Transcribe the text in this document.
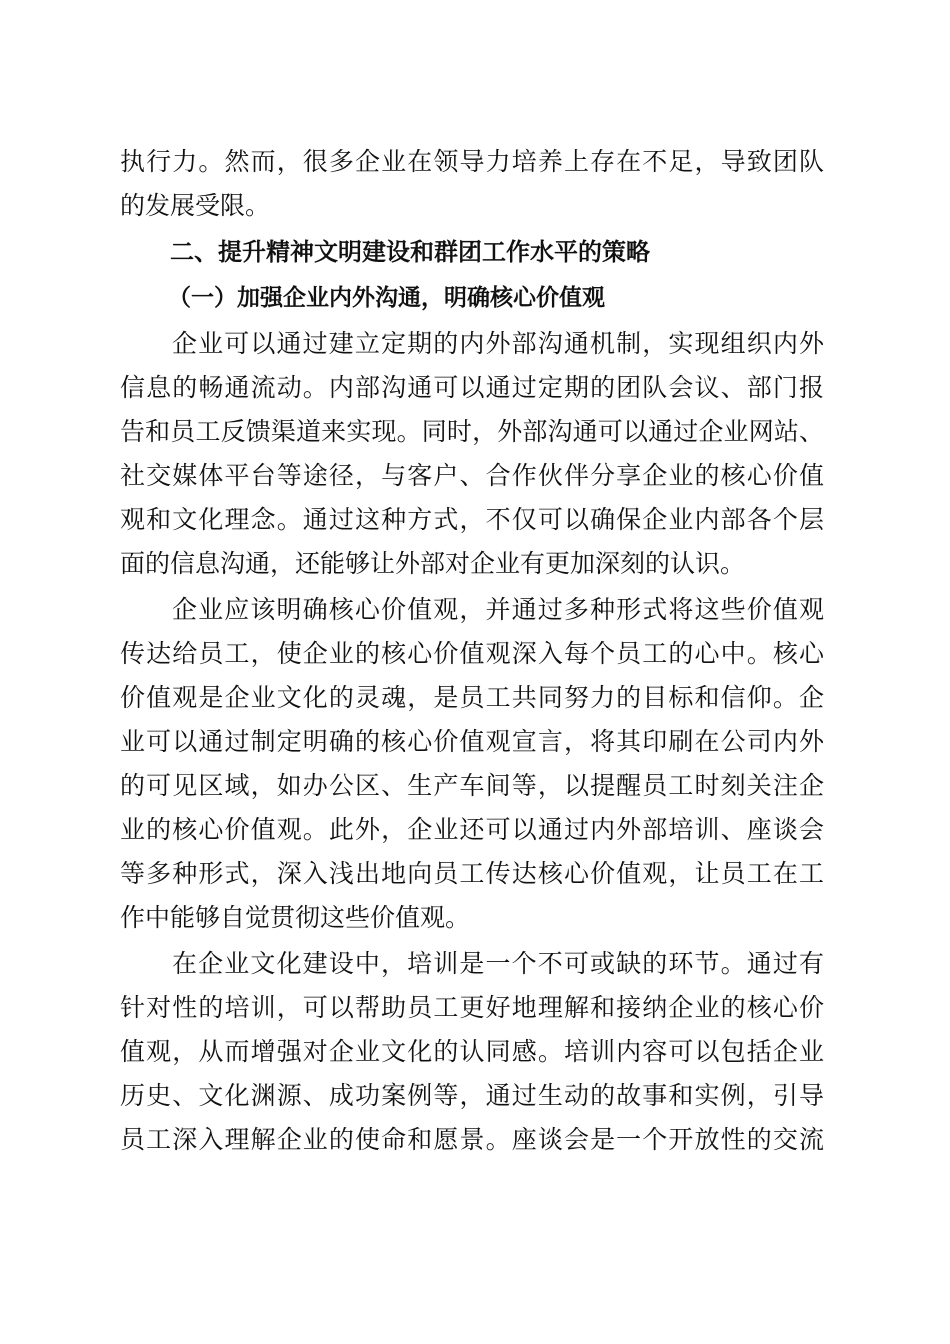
执行力。然而，很多企业在领导力培养上存在不足，导致团队
的发展受限。
二、提升精神文明建设和群团工作水平的策略
（一）加强企业内外沟通，明确核心价值观
企业可以通过建立定期的内外部沟通机制，实现组织内外
信息的畅通流动。内部沟通可以通过定期的团队会议、部门报
告和员工反馈渠道来实现。同时，外部沟通可以通过企业网站、
社交媒体平台等途径，与客户、合作伙伴分享企业的核心价值
观和文化理念。通过这种方式，不仅可以确保企业内部各个层
面的信息沟通，还能够让外部对企业有更加深刻的认识。
企业应该明确核心价值观，并通过多种形式将这些价值观
传达给员工，使企业的核心价值观深入每个员工的心中。核心
价值观是企业文化的灵魂，是员工共同努力的目标和信仰。企
业可以通过制定明确的核心价值观宣言，将其印刷在公司内外
的可见区域，如办公区、生产车间等，以提醒员工时刻关注企
业的核心价值观。此外，企业还可以通过内外部培训、座谈会
等多种形式，深入浅出地向员工传达核心价值观，让员工在工
作中能够自觉贯彻这些价值观。
在企业文化建设中，培训是一个不可或缺的环节。通过有
针对性的培训，可以帮助员工更好地理解和接纳企业的核心价
值观，从而增强对企业文化的认同感。培训内容可以包括企业
历史、文化渊源、成功案例等，通过生动的故事和实例，引导
员工深入理解企业的使命和愿景。座谈会是一个开放性的交流
